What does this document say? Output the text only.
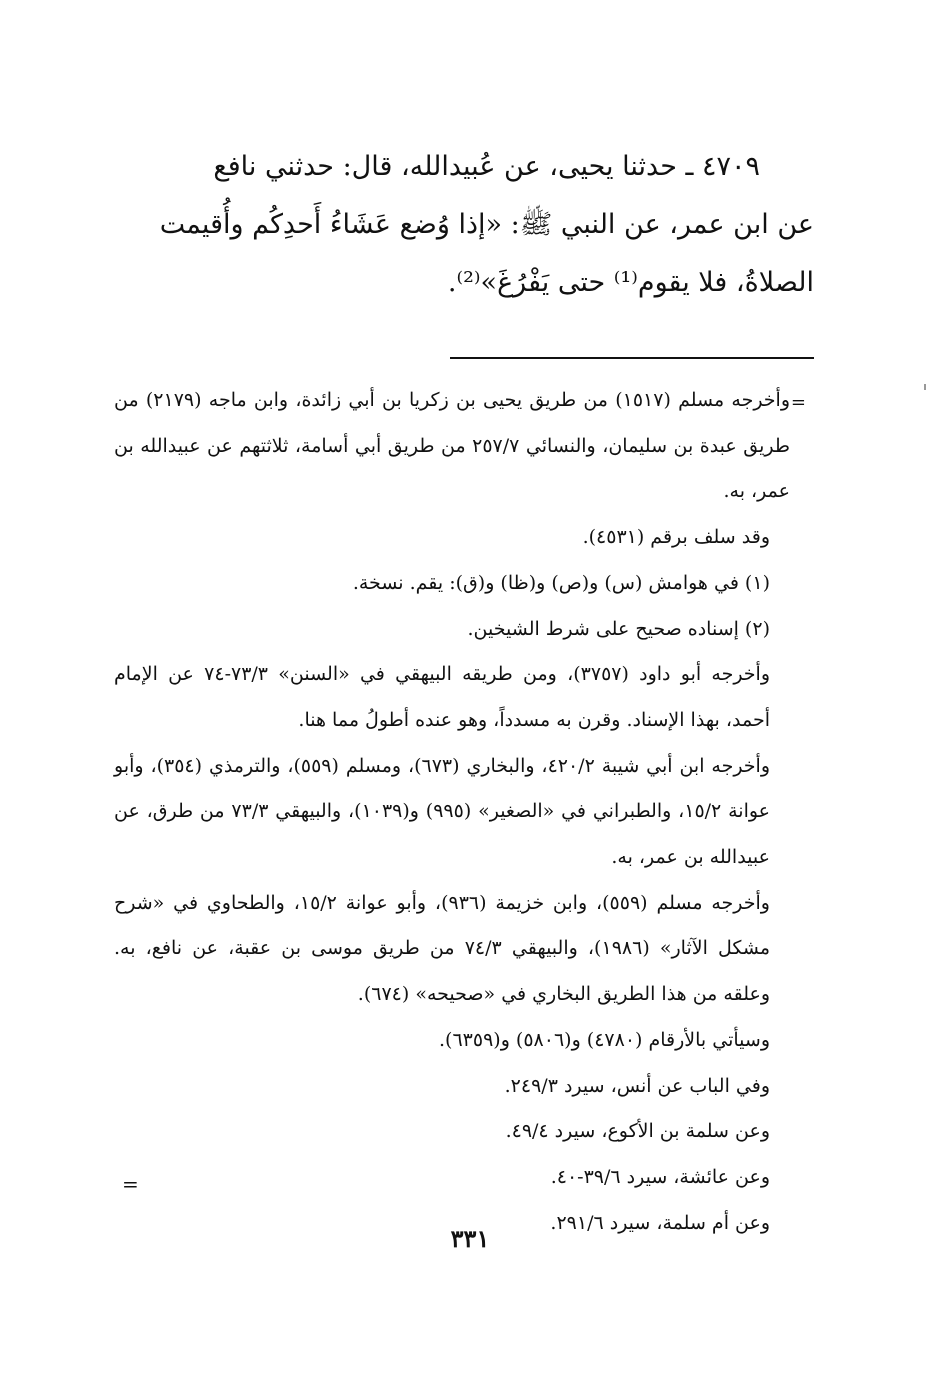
٤٧٠٩ ـ حدثنا يحيى، عن عُبيدالله، قال: حدثني نافع

عن ابن عمر، عن النبي ﷺ: «إذا وُضع عَشَاءُ أَحدِكُم وأُقيمت

الصلاةُ، فلا يقوم⁽¹⁾ حتى يَفْرُغَ»⁽²⁾.

=

وأخرجه مسلم (١٥١٧) من طريق يحيى بن زكريا بن أبي زائدة، وابن ماجه (٢١٧٩) من طريق عبدة بن سليمان، والنسائي ٢٥٧/٧ من طريق أبي أسامة، ثلاثتهم عن عبيدالله بن عمر، به.

وقد سلف برقم (٤٥٣١).

(١) في هوامش (س) و(ص) و(ظا) و(ق): يقم. نسخة.

(٢) إسناده صحيح على شرط الشيخين.

وأخرجه أبو داود (٣٧٥٧)، ومن طريقه البيهقي في «السنن» ٧٣/٣-٧٤ عن الإمام أحمد، بهذا الإسناد. وقرن به مسدداً، وهو عنده أطولُ مما هنا.

وأخرجه ابن أبي شيبة ٤٢٠/٢، والبخاري (٦٧٣)، ومسلم (٥٥٩)، والترمذي (٣٥٤)، وأبو عوانة ١٥/٢، والطبراني في «الصغير» (٩٩٥) و(١٠٣٩)، والبيهقي ٧٣/٣ من طرق، عن عبيدالله بن عمر، به.

وأخرجه مسلم (٥٥٩)، وابن خزيمة (٩٣٦)، وأبو عوانة ١٥/٢، والطحاوي في «شرح مشكل الآثار» (١٩٨٦)، والبيهقي ٧٤/٣ من طريق موسى بن عقبة، عن نافع، به. وعلقه من هذا الطريق البخاري في «صحيحه» (٦٧٤).

وسيأتي بالأرقام (٤٧٨٠) و(٥٨٠٦) و(٦٣٥٩).

وفي الباب عن أنس، سيرد ٢٤٩/٣.

وعن سلمة بن الأكوع، سيرد ٤٩/٤.

وعن عائشة، سيرد ٣٩/٦-٤٠.

وعن أم سلمة، سيرد ٢٩١/٦.

=
٣٣١
